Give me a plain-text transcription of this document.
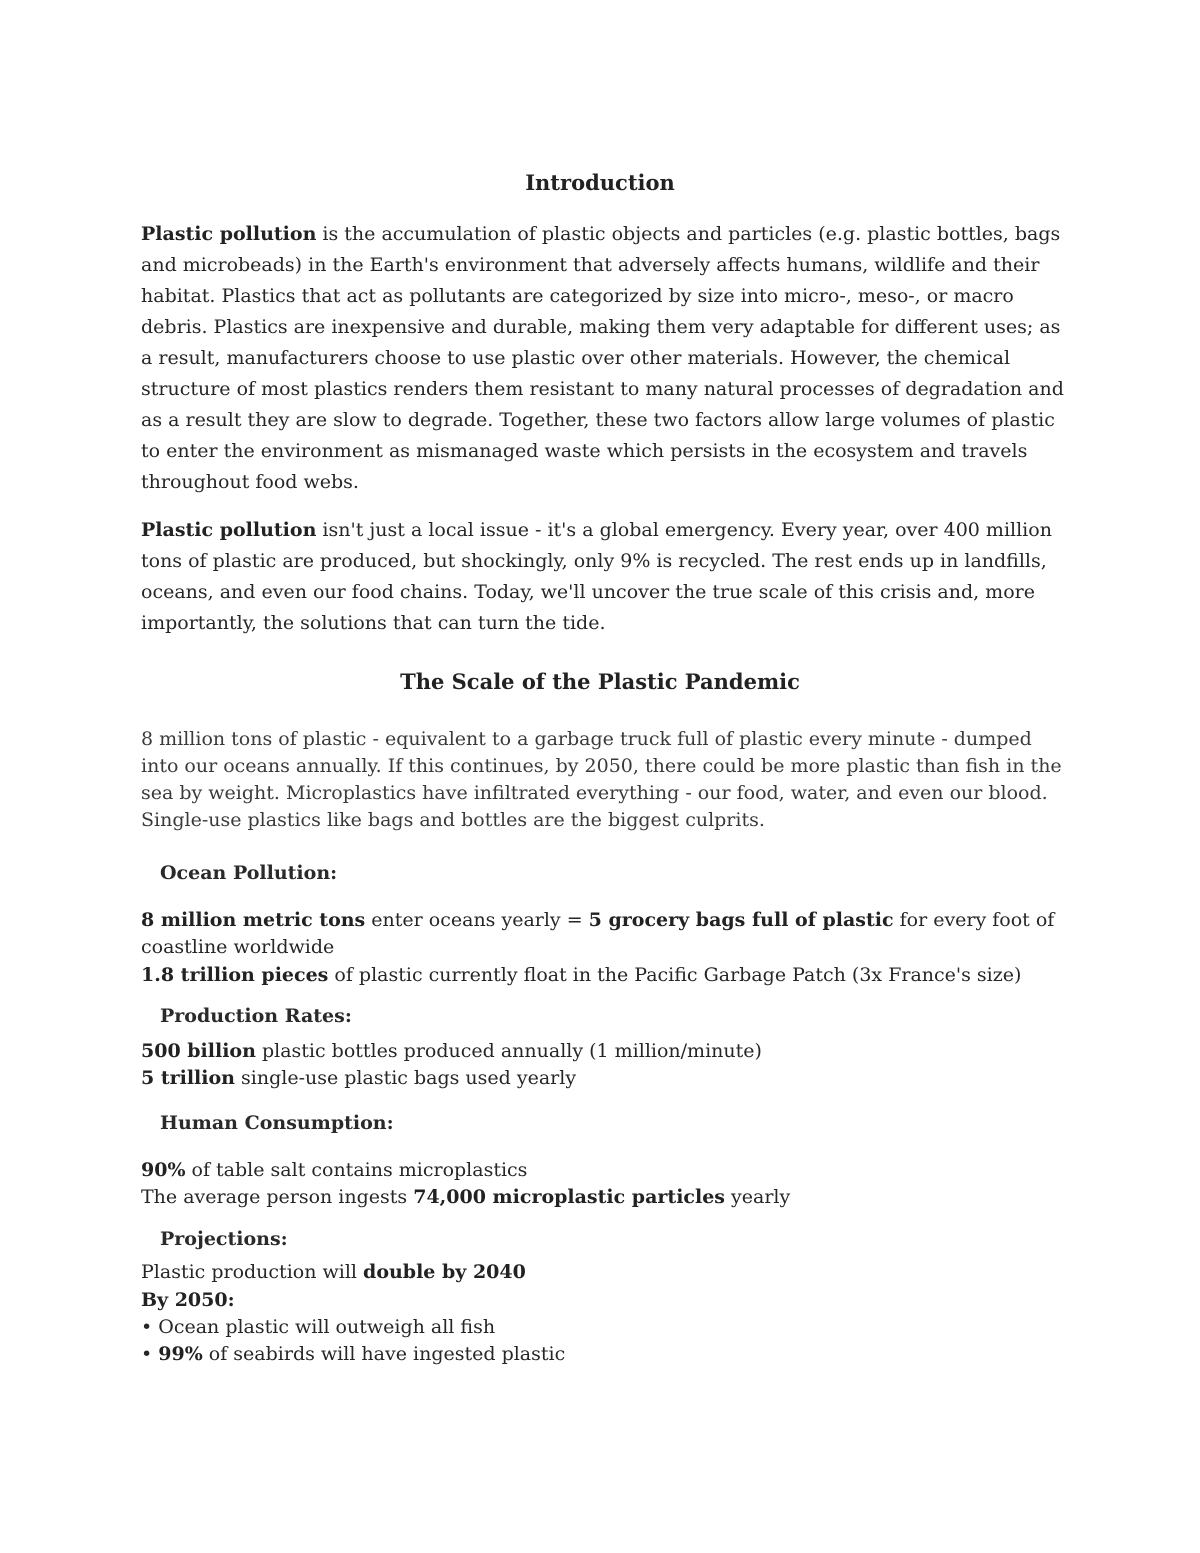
Introduction

Plastic pollution is the accumulation of plastic objects and particles (e.g. plastic bottles, bags and microbeads) in the Earth's environment that adversely affects humans, wildlife and their habitat. Plastics that act as pollutants are categorized by size into micro-, meso-, or macro debris. Plastics are inexpensive and durable, making them very adaptable for different uses; as a result, manufacturers choose to use plastic over other materials. However, the chemical structure of most plastics renders them resistant to many natural processes of degradation and as a result they are slow to degrade. Together, these two factors allow large volumes of plastic to enter the environment as mismanaged waste which persists in the ecosystem and travels throughout food webs.

Plastic pollution isn't just a local issue - it's a global emergency. Every year, over 400 million tons of plastic are produced, but shockingly, only 9% is recycled. The rest ends up in landfills, oceans, and even our food chains. Today, we'll uncover the true scale of this crisis and, more importantly, the solutions that can turn the tide.

The Scale of the Plastic Pandemic

8 million tons of plastic - equivalent to a garbage truck full of plastic every minute - dumped into our oceans annually. If this continues, by 2050, there could be more plastic than fish in the sea by weight. Microplastics have infiltrated everything - our food, water, and even our blood. Single-use plastics like bags and bottles are the biggest culprits.

Ocean Pollution:

8 million metric tons enter oceans yearly = 5 grocery bags full of plastic for every foot of coastline worldwide

1.8 trillion pieces of plastic currently float in the Pacific Garbage Patch (3x France's size)

Production Rates:

500 billion plastic bottles produced annually (1 million/minute)

5 trillion single-use plastic bags used yearly

Human Consumption:

90% of table salt contains microplastics

The average person ingests 74,000 microplastic particles yearly

Projections:

Plastic production will double by 2040

By 2050:

• Ocean plastic will outweigh all fish

• 99% of seabirds will have ingested plastic
